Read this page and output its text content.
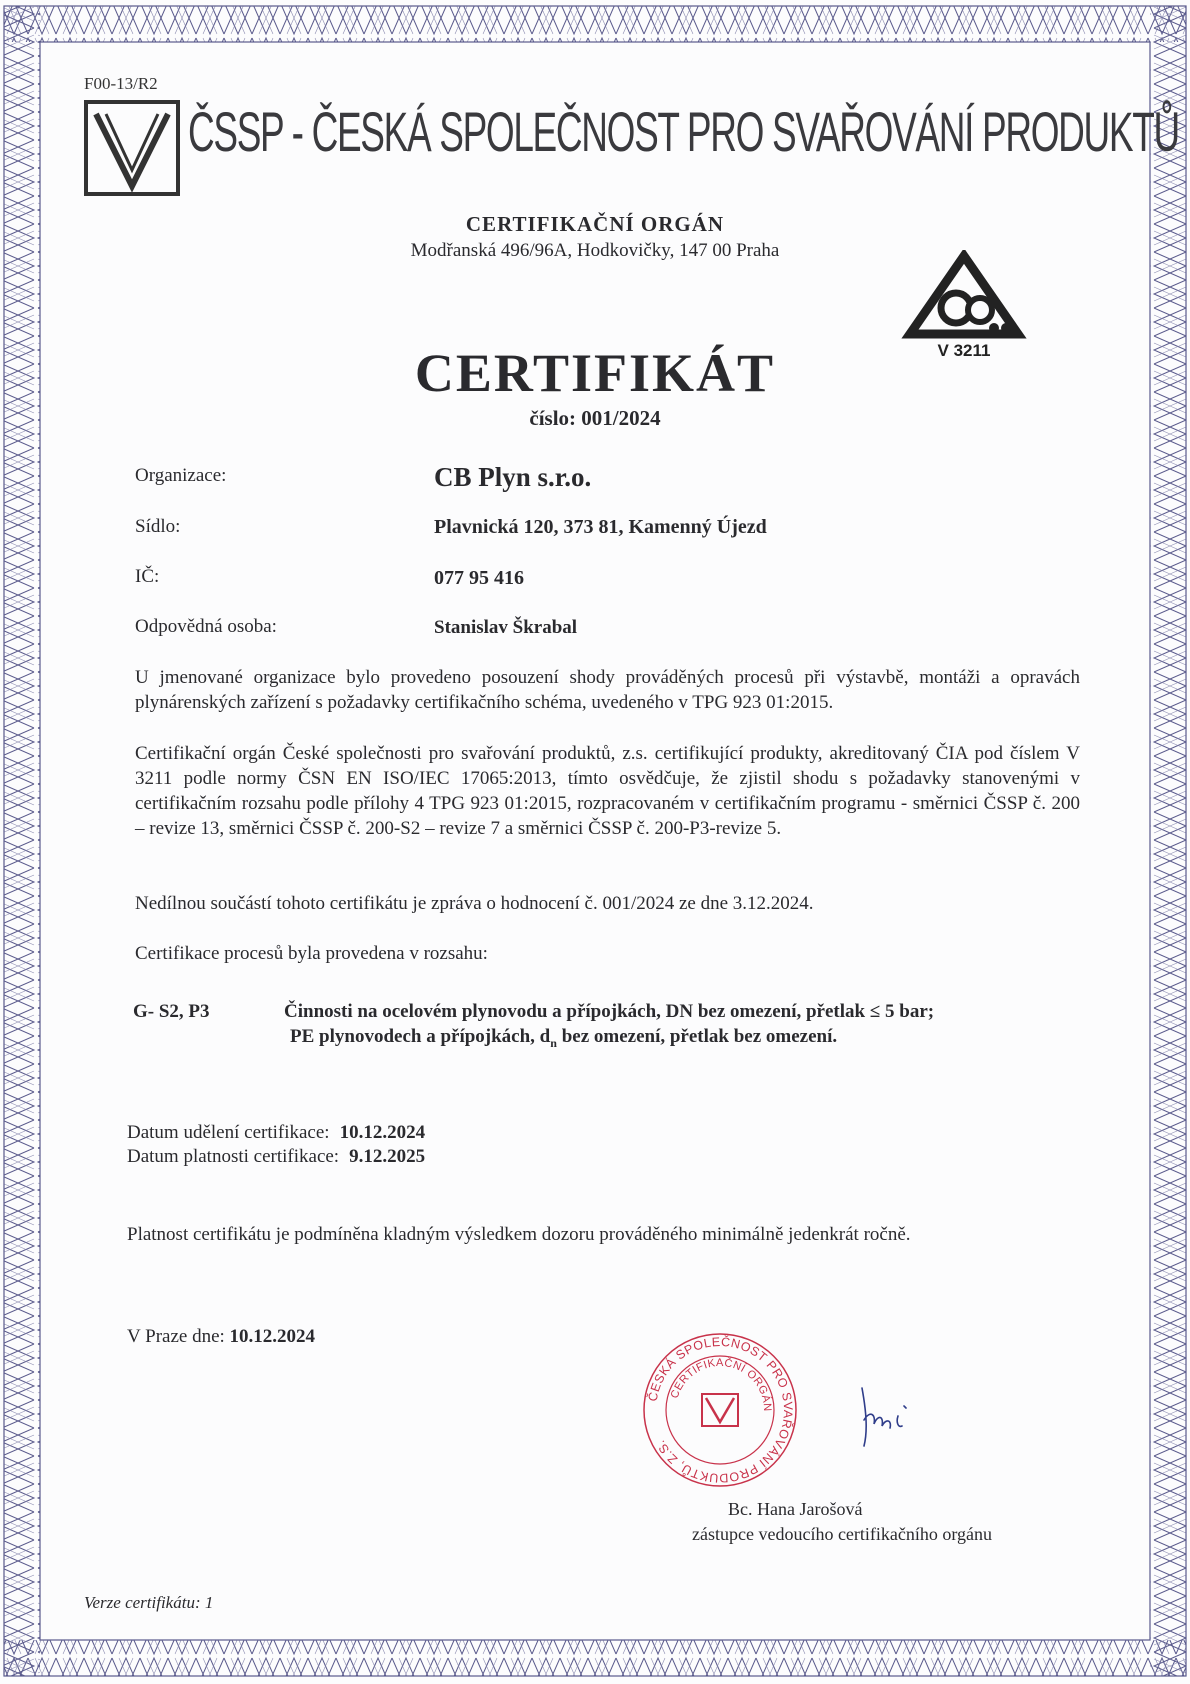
F00-13/R2
ČSSP - ČESKÁ SPOLEČNOST PRO SVAŘOVÁNÍ PRODUKTŮ
CERTIFIKAČNÍ ORGÁN
Modřanská 496/96A, Hodkovičky, 147 00 Praha
V 3211
CERTIFIKÁT
číslo: 001/2024
Organizace:	CB Plyn s.r.o.
Sídlo:	Plavnická 120, 373 81, Kamenný Újezd
IČ:	077 95 416
Odpovědná osoba:	Stanislav Škrabal
U jmenované organizace bylo provedeno posouzení shody prováděných procesů při výstavbě, montáži a opravách plynárenských zařízení s požadavky certifikačního schéma, uvedeného v TPG 923 01:2015.
Certifikační orgán České společnosti pro svařování produktů, z.s. certifikující produkty, akreditovaný ČIA pod číslem V 3211 podle normy ČSN EN ISO/IEC 17065:2013, tímto osvědčuje, že zjistil shodu s požadavky stanovenými v certifikačním rozsahu podle přílohy 4 TPG 923 01:2015, rozpracovaném v certifikačním programu - směrnici ČSSP č. 200 – revize 13, směrnici ČSSP č. 200-S2 – revize 7 a směrnici ČSSP č. 200-P3-revize 5.
Nedílnou součástí tohoto certifikátu je zpráva o hodnocení č. 001/2024 ze dne 3.12.2024.
Certifikace procesů byla provedena v rozsahu:
G- S2, P3	Činnosti na ocelovém plynovodu a přípojkách, DN bez omezení, přetlak ≤ 5 bar;
PE plynovodech a přípojkách, $d_n$ bez omezení, přetlak bez omezení.
Datum udělení certifikace: 10.12.2024
Datum platnosti certifikace: 9.12.2025
Platnost certifikátu je podmíněna kladným výsledkem dozoru prováděného minimálně jedenkrát ročně.
V Praze dne: 10.12.2024
ČESKÁ SPOLEČNOST PRO SVAŘOVÁNÍ PRODUKTŮ, Z.S.
CERTIFIKAČNÍ ORGÁN
Bc. Hana Jarošová
zástupce vedoucího certifikačního orgánu
Verze certifikátu: 1
